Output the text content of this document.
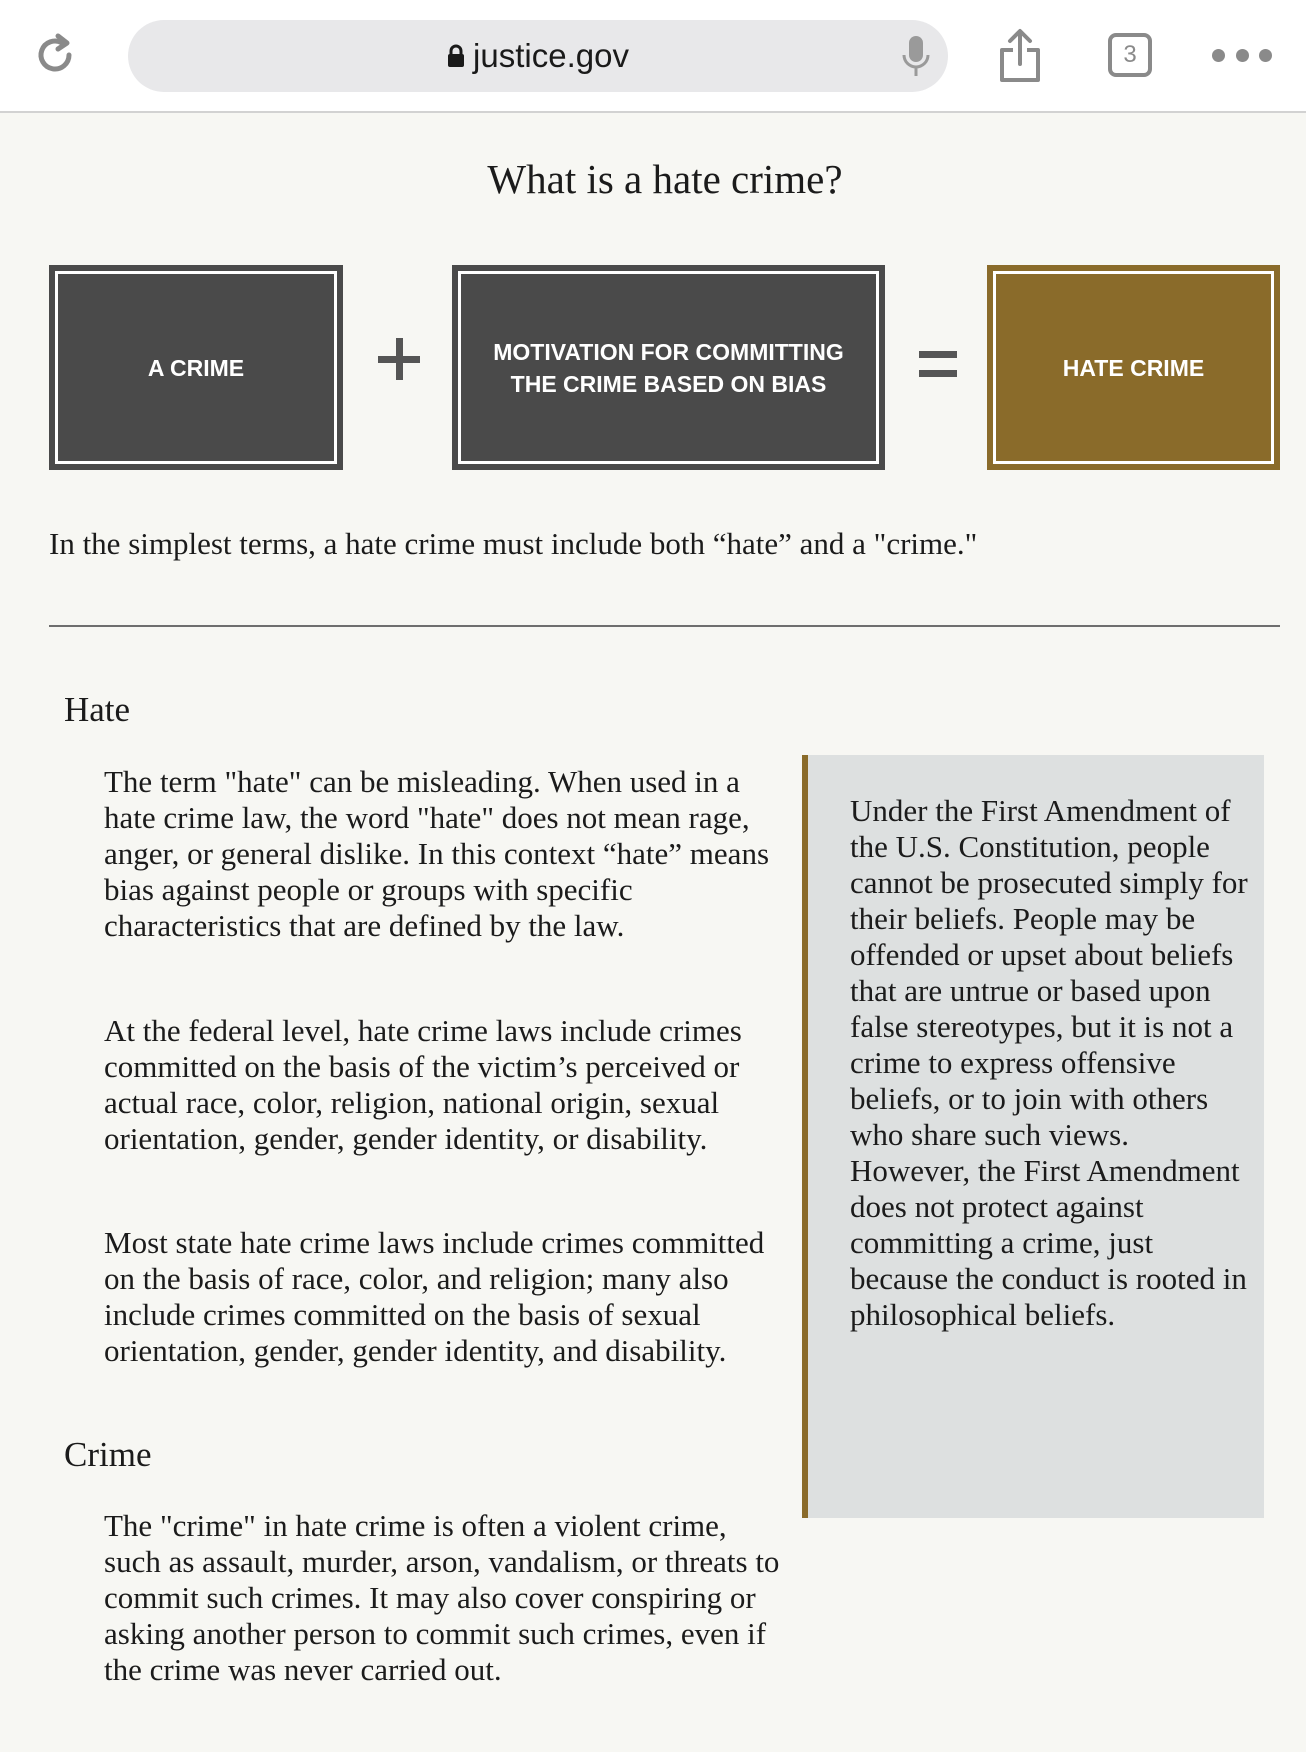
justice.gov	3
What is a hate crime?
A CRIME
MOTIVATION FOR COMMITTING THE CRIME BASED ON BIAS
HATE CRIME

In the simplest terms, a hate crime must include both “hate” and a "crime."

Hate

The term "hate" can be misleading. When used in a hate crime law, the word "hate" does not mean rage, anger, or general dislike. In this context “hate” means bias against people or groups with specific characteristics that are defined by the law.

At the federal level, hate crime laws include crimes committed on the basis of the victim’s perceived or actual race, color, religion, national origin, sexual orientation, gender, gender identity, or disability.

Most state hate crime laws include crimes committed on the basis of race, color, and religion; many also include crimes committed on the basis of sexual orientation, gender, gender identity, and disability.

Crime

The "crime" in hate crime is often a violent crime, such as assault, murder, arson, vandalism, or threats to commit such crimes. It may also cover conspiring or asking another person to commit such crimes, even if the crime was never carried out.

Under the First Amendment of the U.S. Constitution, people cannot be prosecuted simply for their beliefs. People may be offended or upset about beliefs that are untrue or based upon false stereotypes, but it is not a crime to express offensive beliefs, or to join with others who share such views. However, the First Amendment does not protect against committing a crime, just because the conduct is rooted in philosophical beliefs.
